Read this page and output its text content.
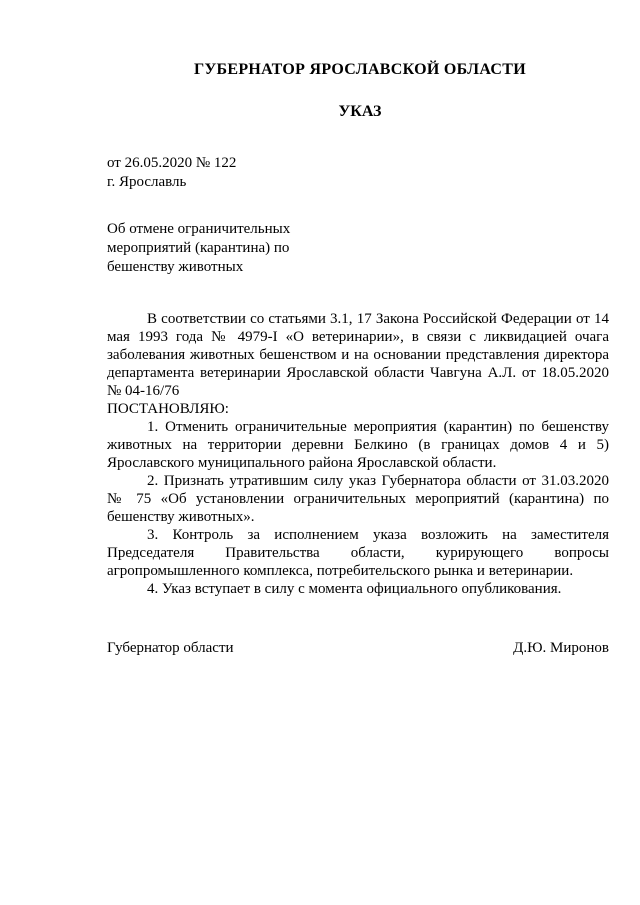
ГУБЕРНАТОР ЯРОСЛАВСКОЙ ОБЛАСТИ
УКАЗ
от 26.05.2020 № 122
г. Ярославль
Об отмене ограничительных
мероприятий (карантина) по
бешенству животных

В соответствии со статьями 3.1, 17 Закона Российской Федерации от 14 мая 1993 года № 4979-I «О ветеринарии», в связи с ликвидацией очага заболевания животных бешенством и на основании представления директора департамента ветеринарии Ярославской области Чавгуна А.Л. от 18.05.2020 № 04-16/76

ПОСТАНОВЛЯЮ:

1. Отменить ограничительные мероприятия (карантин) по бешенству животных на территории деревни Белкино (в границах домов 4 и 5) Ярославского муниципального района Ярославской области.

2. Признать утратившим силу указ Губернатора области от 31.03.2020 № 75 «Об установлении ограничительных мероприятий (карантина) по бешенству животных».

3. Контроль за исполнением указа возложить на заместителя Председателя Правительства области, курирующего вопросы агропромышленного комплекса, потребительского рынка и ветеринарии.

4. Указ вступает в силу с момента официального опубликования.

Губернатор области	Д.Ю. Миронов
